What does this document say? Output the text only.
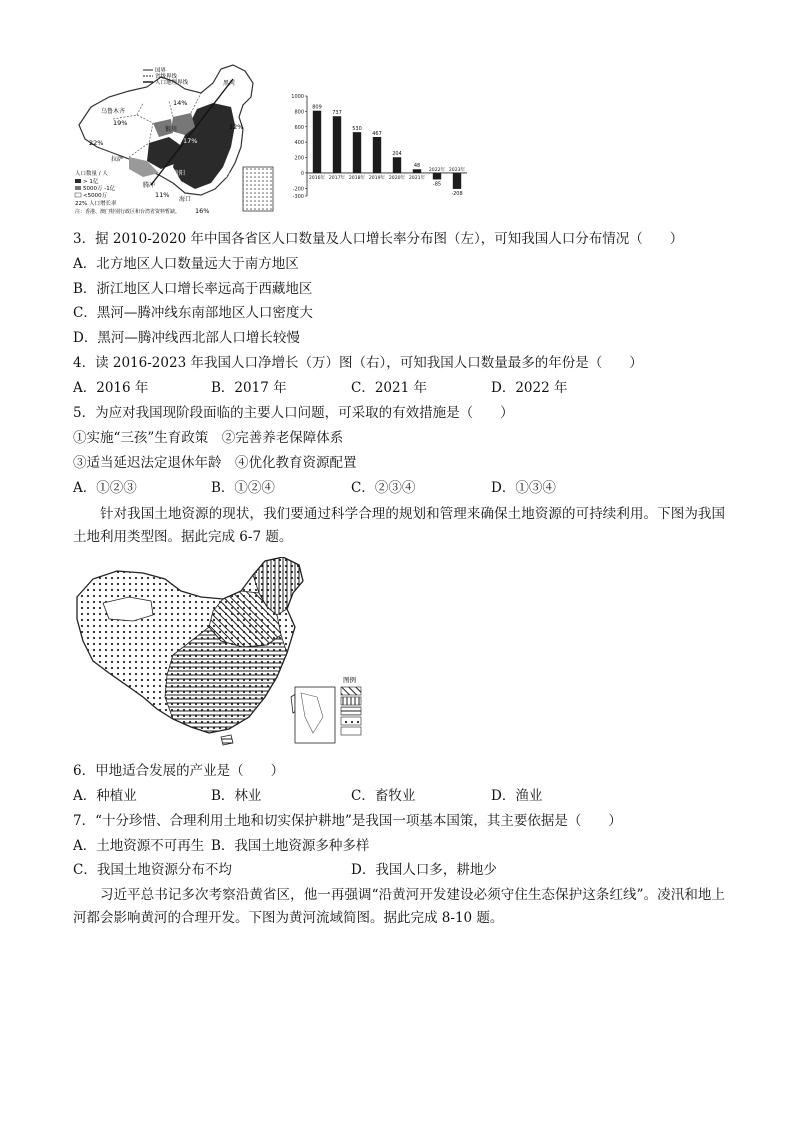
国界
省级界线
人口地理界线	黑河
乌鲁木齐
银川
拉萨
贵阳
腾冲
海口
台北
14%
19%
22%
12%
17%
11%
16%
人口数量 / 人
> 1亿
5000万 -1亿
<5000万
22% 人口增长率
注：香港、澳门特别行政区和台湾省资料暂缺。
1000
800
600
400
200
0
-200
-300
809
2016年
737
2017年
530
2018年
467
2019年
204
2020年
48
2021年
-85
2022年
-208
2023年
3．据 2010-2020 年中国各省区人口数量及人口增长率分布图（左），可知我国人口分布情况（　　）
A．北方地区人口数量远大于南方地区
B．浙江地区人口增长率远高于西藏地区
C．黑河—腾冲线东南部地区人口密度大
D．黑河—腾冲线西北部人口增长较慢
4．读 2016-2023 年我国人口净增长（万）图（右），可知我国人口数量最多的年份是（　　）
A．2016 年	B．2017 年	C．2021 年	D．2022 年
5．为应对我国现阶段面临的主要人口问题，可采取的有效措施是（　　）
①实施“三孩”生育政策　②完善养老保障体系
③适当延迟法定退休年龄　④优化教育资源配置
A．①②③	B．①②④	C．②③④	D．①③④
针对我国土地资源的现状，我们要通过科学合理的规划和管理来确保土地资源的可持续利用。下图为我国土地利用类型图。据此完成 6-7 题。
图例
6．甲地适合发展的产业是（　　）
A．种植业	B．林业	C．畜牧业	D．渔业
7．“十分珍惜、合理利用土地和切实保护耕地”是我国一项基本国策，其主要依据是（　　）
A．土地资源不可再生 B．我国土地资源多种多样
C．我国土地资源分布不均	D．我国人口多，耕地少
习近平总书记多次考察沿黄省区，他一再强调“沿黄河开发建设必须守住生态保护这条红线”。凌汛和地上河都会影响黄河的合理开发。下图为黄河流域简图。据此完成 8-10 题。
